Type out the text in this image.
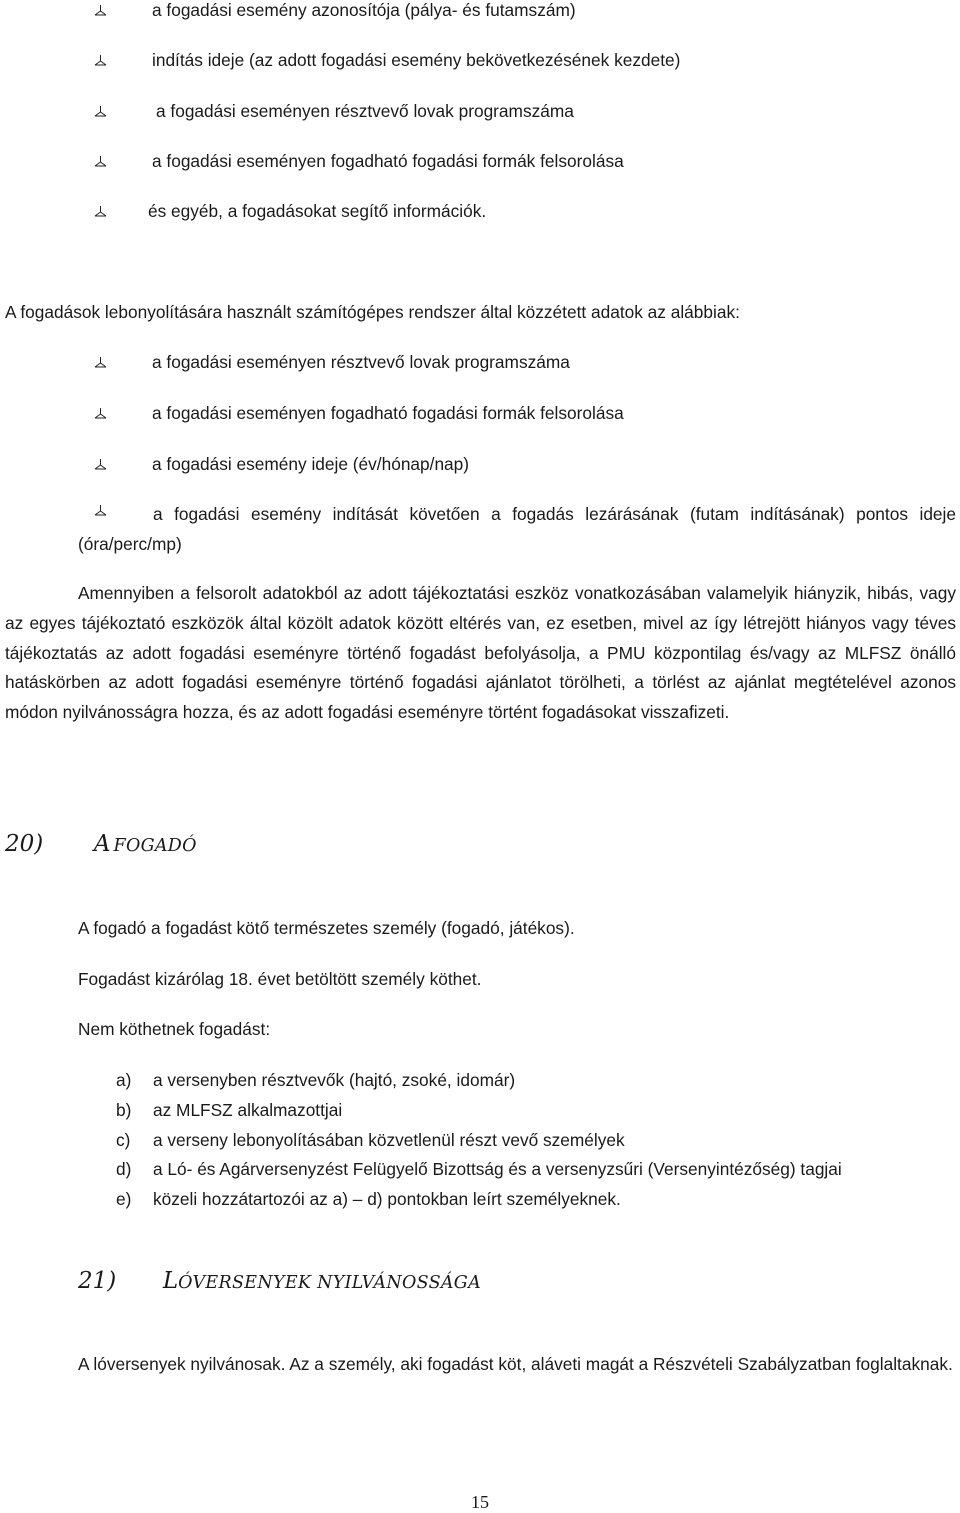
a fogadási esemény azonosítója (pálya- és futamszám)
indítás ideje (az adott fogadási esemény bekövetkezésének kezdete)
a fogadási eseményen résztvevő lovak programszáma
a fogadási eseményen fogadható fogadási formák felsorolása
és egyéb, a fogadásokat segítő információk.
A fogadások lebonyolítására használt számítógépes rendszer által közzétett adatok az alábbiak:
a fogadási eseményen résztvevő lovak programszáma
a fogadási eseményen fogadható fogadási formák felsorolása
a fogadási esemény ideje (év/hónap/nap)
a fogadási esemény indítását követően a fogadás lezárásának (futam indításának) pontos ideje (óra/perc/mp)
Amennyiben a felsorolt adatokból az adott tájékoztatási eszköz vonatkozásában valamelyik hiányzik, hibás, vagy az egyes tájékoztató eszközök által közölt adatok között eltérés van, ez esetben, mivel az így létrejött hiányos vagy téves tájékoztatás az adott fogadási eseményre történő fogadást befolyásolja, a PMU központilag és/vagy az MLFSZ önálló hatáskörben az adott fogadási eseményre történő fogadási ajánlatot törölheti, a törlést az ajánlat megtételével azonos módon nyilvánosságra hozza, és az adott fogadási eseményre történt fogadásokat visszafizeti.
20) A FOGADÓ
A fogadó a fogadást kötő természetes személy (fogadó, játékos).
Fogadást kizárólag 18. évet betöltött személy köthet.
Nem köthetnek fogadást:
a) a versenyben résztvevők (hajtó, zsoké, idomár)
b) az MLFSZ alkalmazottjai
c) a verseny lebonyolításában közvetlenül részt vevő személyek
d) a Ló- és Agárversenyzést Felügyelő Bizottság és a versenyzsűri (Versenyintézőség) tagjai
e) közeli hozzátartozói az a) – d) pontokban leírt személyeknek.
21) LÓVERSENYEK NYILVÁNOSSÁGA
A lóversenyek nyilvánosak. Az a személy, aki fogadást köt, aláveti magát a Részvételi Szabályzatban foglaltaknak.
15
